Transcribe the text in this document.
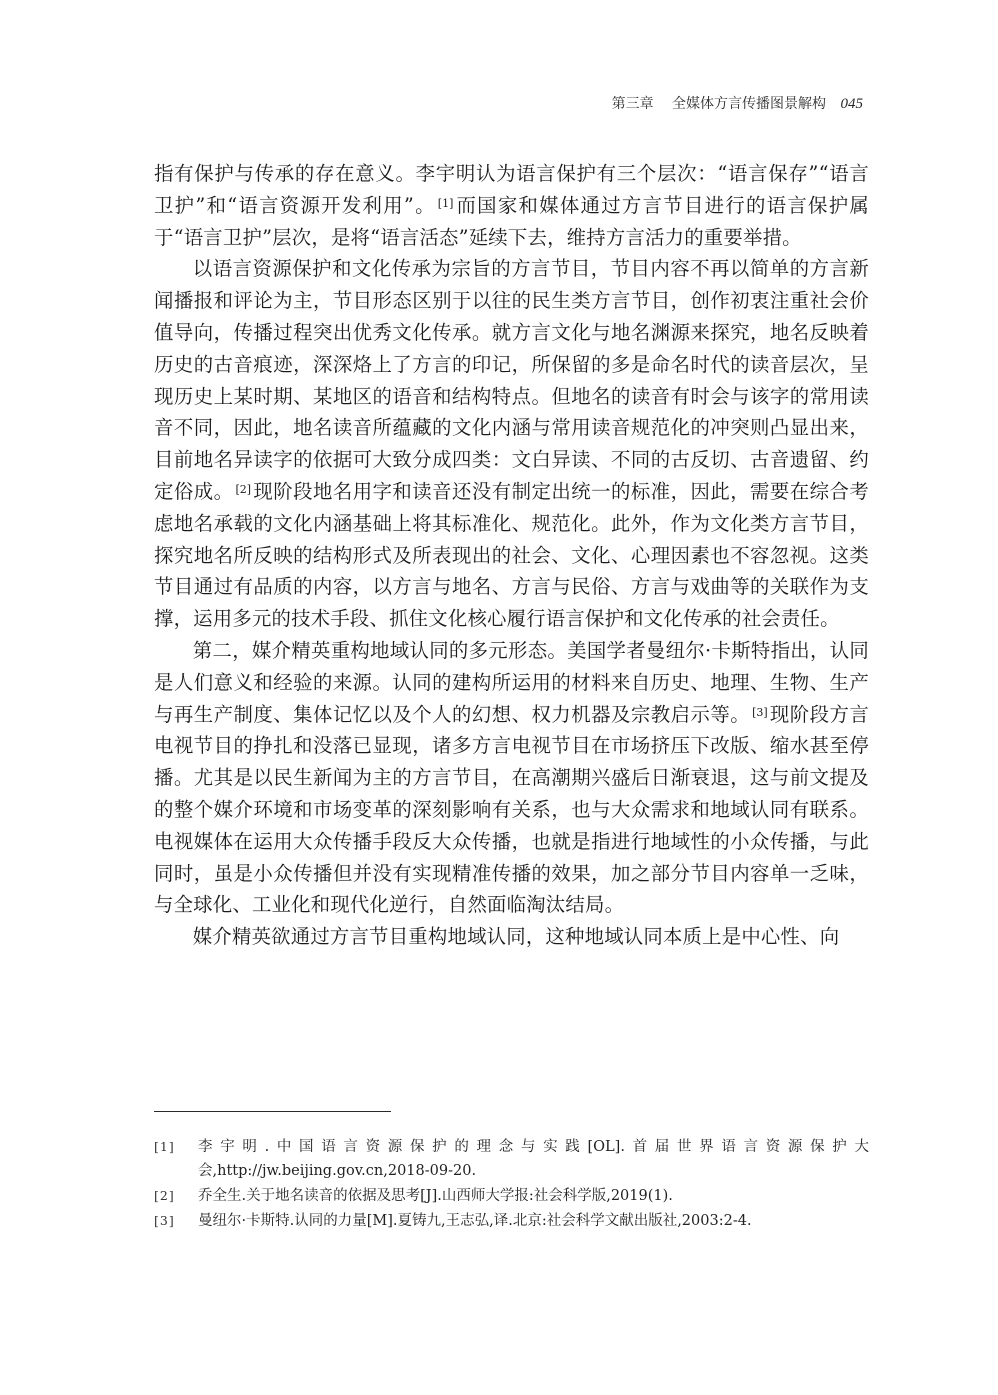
第三章 全媒体方言传播图景解构 045

指有保护与传承的存在意义。李宇明认为语言保护有三个层次：“语言保存”“语言卫护”和“语言资源开发利用”。 [1] 而国家和媒体通过方言节目进行的语言保护属于“语言卫护”层次，是将“语言活态”延续下去，维持方言活力的重要举措。

以语言资源保护和文化传承为宗旨的方言节目，节目内容不再以简单的方言新闻播报和评论为主，节目形态区别于以往的民生类方言节目，创作初衷注重社会价值导向，传播过程突出优秀文化传承。就方言文化与地名渊源来探究，地名反映着历史的古音痕迹，深深烙上了方言的印记，所保留的多是命名时代的读音层次，呈现历史上某时期、某地区的语音和结构特点。但地名的读音有时会与该字的常用读音不同，因此，地名读音所蕴藏的文化内涵与常用读音规范化的冲突则凸显出来，目前地名异读字的依据可大致分成四类：文白异读、不同的古反切、古音遗留、约定俗成。 [2] 现阶段地名用字和读音还没有制定出统一的标准，因此，需要在综合考虑地名承载的文化内涵基础上将其标准化、规范化。此外，作为文化类方言节目，探究地名所反映的结构形式及所表现出的社会、文化、心理因素也不容忽视。这类节目通过有品质的内容，以方言与地名、方言与民俗、方言与戏曲等的关联作为支撑，运用多元的技术手段、抓住文化核心履行语言保护和文化传承的社会责任。

第二，媒介精英重构地域认同的多元形态。美国学者曼纽尔·卡斯特指出，认同是人们意义和经验的来源。认同的建构所运用的材料来自历史、地理、生物、生产与再生产制度、集体记忆以及个人的幻想、权力机器及宗教启示等。 [3] 现阶段方言电视节目的挣扎和没落已显现，诸多方言电视节目在市场挤压下改版、缩水甚至停播。尤其是以民生新闻为主的方言节目，在高潮期兴盛后日渐衰退，这与前文提及的整个媒介环境和市场变革的深刻影响有关系，也与大众需求和地域认同有联系。电视媒体在运用大众传播手段反大众传播，也就是指进行地域性的小众传播，与此同时，虽是小众传播但并没有实现精准传播的效果，加之部分节目内容单一乏味，与全球化、工业化和现代化逆行，自然面临淘汰结局。

媒介精英欲通过方言节目重构地域认同，这种地域认同本质上是中心性、向

[1]	李宇明.中国语言资源保护的理念与实践[OL].首届世界语言资源保护大会,http://jw.beijing.gov.cn,2018-09-20.
[2]	乔全生.关于地名读音的依据及思考[J].山西师大学报:社会科学版,2019(1).
[3]	曼纽尔·卡斯特.认同的力量[M].夏铸九,王志弘,译.北京:社会科学文献出版社,2003:2-4.
